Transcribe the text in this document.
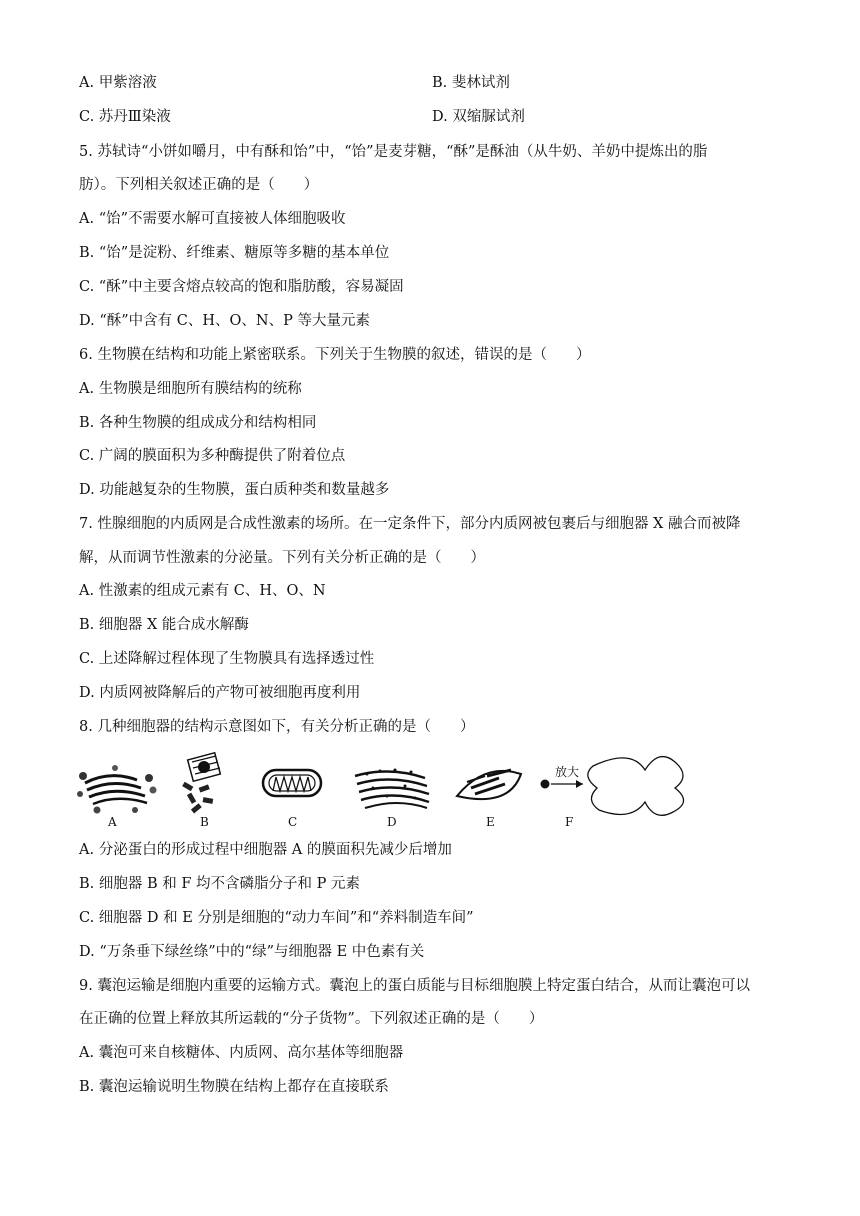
A. 甲紫溶液	B. 斐林试剂
C. 苏丹Ⅲ染液	D. 双缩脲试剂
5. 苏轼诗“小饼如嚼月，中有酥和饴”中，“饴”是麦芽糖，“酥”是酥油（从牛奶、羊奶中提炼出的脂
肪）。下列相关叙述正确的是（　　）
A. “饴”不需要水解可直接被人体细胞吸收
B. “饴”是淀粉、纤维素、糖原等多糖的基本单位
C. “酥”中主要含熔点较高的饱和脂肪酸，容易凝固
D. “酥”中含有 C、H、O、N、P 等大量元素
6. 生物膜在结构和功能上紧密联系。下列关于生物膜的叙述，错误的是（　　）
A. 生物膜是细胞所有膜结构的统称
B. 各种生物膜的组成成分和结构相同
C. 广阔的膜面积为多种酶提供了附着位点
D. 功能越复杂的生物膜，蛋白质种类和数量越多
7. 性腺细胞的内质网是合成性激素的场所。在一定条件下，部分内质网被包裹后与细胞器 X 融合而被降
解，从而调节性激素的分泌量。下列有关分析正确的是（　　）
A. 性激素的组成元素有 C、H、O、N
B. 细胞器 X 能合成水解酶
C. 上述降解过程体现了生物膜具有选择透过性
D. 内质网被降解后的产物可被细胞再度利用
8. 几种细胞器的结构示意图如下，有关分析正确的是（　　）
放大
A	B	C	D	E	F
A. 分泌蛋白的形成过程中细胞器 A 的膜面积先减少后增加
B. 细胞器 B 和 F 均不含磷脂分子和 P 元素
C. 细胞器 D 和 E 分别是细胞的“动力车间”和“养料制造车间”
D. “万条垂下绿丝绦”中的“绿”与细胞器 E 中色素有关
9. 囊泡运输是细胞内重要的运输方式。囊泡上的蛋白质能与目标细胞膜上特定蛋白结合，从而让囊泡可以
在正确的位置上释放其所运载的“分子货物”。下列叙述正确的是（　　）
A. 囊泡可来自核糖体、内质网、高尔基体等细胞器
B. 囊泡运输说明生物膜在结构上都存在直接联系
